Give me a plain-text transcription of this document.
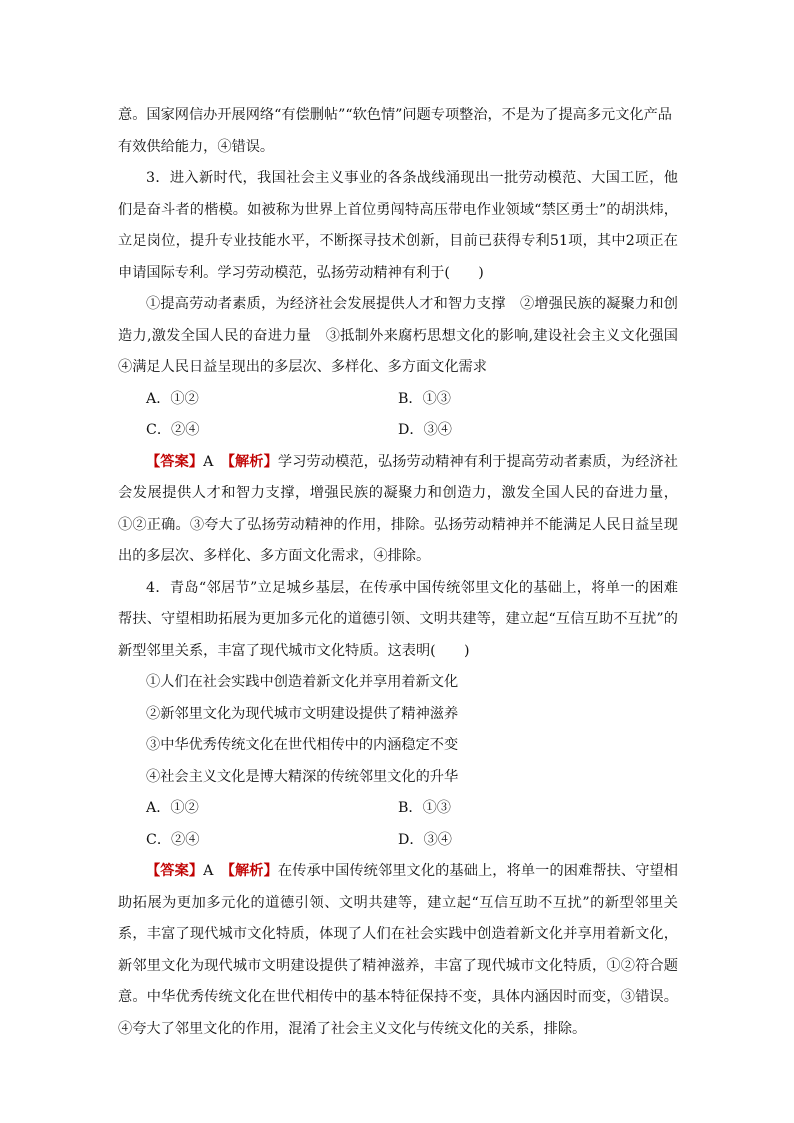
意。国家网信办开展网络“有偿删帖”“软色情”问题专项整治，不是为了提高多元文化产品

有效供给能力，④错误。

3．进入新时代，我国社会主义事业的各条战线涌现出一批劳动模范、大国工匠，他们是奋斗者的楷模。如被称为世界上首位勇闯特高压带电作业领域“禁区勇士”的胡洪炜，立足岗位，提升专业技能水平，不断探寻技术创新，目前已获得专利51项，其中2项正在申请国际专利。学习劳动模范，弘扬劳动精神有利于(　　)

①提高劳动者素质，为经济社会发展提供人才和智力支撑　②增强民族的凝聚力和创造力,激发全国人民的奋进力量　③抵制外来腐朽思想文化的影响,建设社会主义文化强国　④满足人民日益呈现出的多层次、多样化、多方面文化需求

A．①②	B．①③
C．②④	D．③④

【答案】A　 【解析】学习劳动模范，弘扬劳动精神有利于提高劳动者素质，为经济社会发展提供人才和智力支撑，增强民族的凝聚力和创造力，激发全国人民的奋进力量，①②正确。③夸大了弘扬劳动精神的作用，排除。弘扬劳动精神并不能满足人民日益呈现出的多层次、多样化、多方面文化需求，④排除。

4．青岛“邻居节”立足城乡基层，在传承中国传统邻里文化的基础上，将单一的困难帮扶、守望相助拓展为更加多元化的道德引领、文明共建等，建立起“互信互助不互扰”的新型邻里关系，丰富了现代城市文化特质。这表明(　　)

①人们在社会实践中创造着新文化并享用着新文化

②新邻里文化为现代城市文明建设提供了精神滋养

③中华优秀传统文化在世代相传中的内涵稳定不变

④社会主义文化是博大精深的传统邻里文化的升华

A．①②	B．①③
C．②④	D．③④

【答案】A　 【解析】在传承中国传统邻里文化的基础上，将单一的困难帮扶、守望相助拓展为更加多元化的道德引领、文明共建等，建立起“互信互助不互扰”的新型邻里关系，丰富了现代城市文化特质，体现了人们在社会实践中创造着新文化并享用着新文化，新邻里文化为现代城市文明建设提供了精神滋养，丰富了现代城市文化特质，①②符合题意。中华优秀传统文化在世代相传中的基本特征保持不变，具体内涵因时而变，③错误。④夸大了邻里文化的作用，混淆了社会主义文化与传统文化的关系，排除。
